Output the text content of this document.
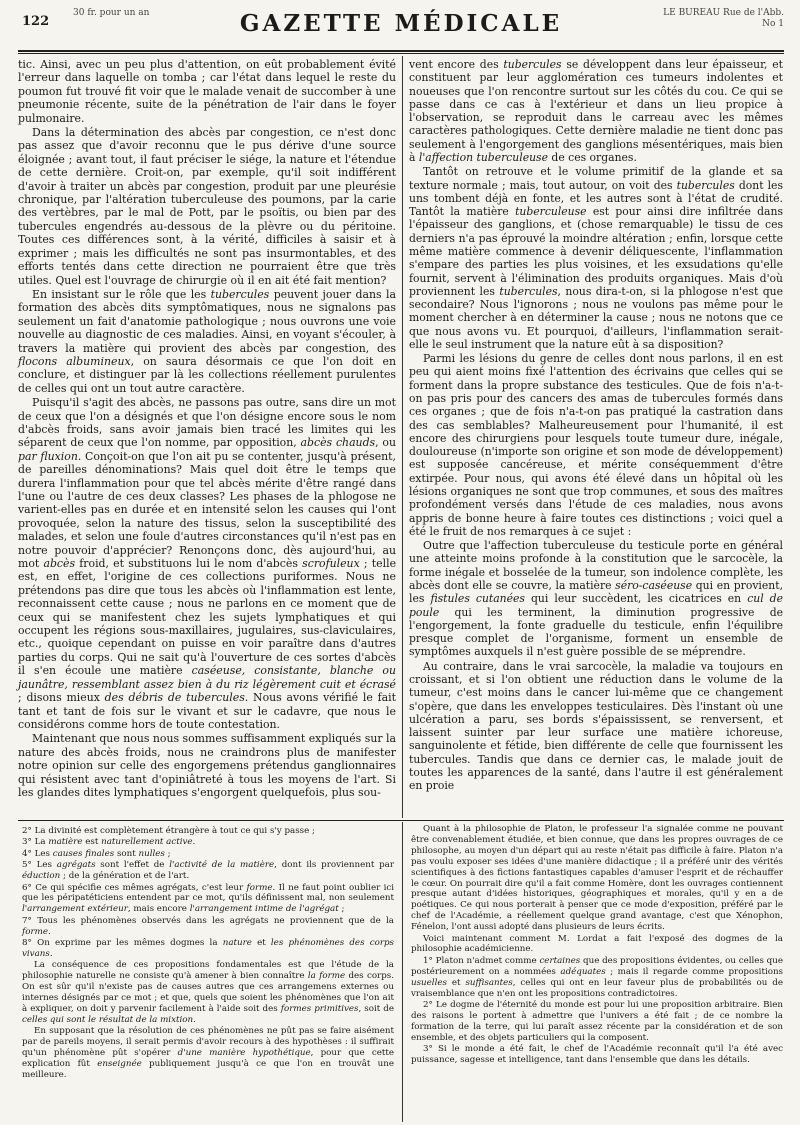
122
30 fr. pour un an	GAZETTE MÉDICALE	LE BUREAU Rue de l'Abb. No 1

tic. Ainsi, avec un peu plus d'attention, on eût probablement évité l'erreur dans laquelle on tomba ; car l'état dans lequel le reste du poumon fut trouvé fit voir que le malade venait de succomber à une pneumonie récente, suite de la pénétration de l'air dans le foyer pulmonaire.

Dans la détermination des abcès par congestion, ce n'est donc pas assez que d'avoir reconnu que le pus dérive d'une source éloignée ; avant tout, il faut préciser le siége, la nature et l'étendue de cette dernière. Croit-on, par exemple, qu'il soit indifférent d'avoir à traiter un abcès par congestion, produit par une pleurésie chronique, par l'altération tuberculeuse des poumons, par la carie des vertèbres, par le mal de Pott, par le psoïtis, ou bien par des tubercules engendrés au-dessous de la plèvre ou du péritoine. Toutes ces différences sont, à la vérité, difficiles à saisir et à exprimer ; mais les difficultés ne sont pas insurmontables, et des efforts tentés dans cette direction ne pourraient être que très utiles. Quel est l'ouvrage de chirurgie où il en ait été fait mention?

En insistant sur le rôle que les tubercules peuvent jouer dans la formation des abcès dits symptômatiques, nous ne signalons pas seulement un fait d'anatomie pathologique ; nous ouvrons une voie nouvelle au diagnostic de ces maladies. Ainsi, en voyant s'écouler, à travers la matière qui provient des abcès par congestion, des flocons albumineux, on saura désormais ce que l'on doit en conclure, et distinguer par là les collections réellement purulentes de celles qui ont un tout autre caractère.

Puisqu'il s'agit des abcès, ne passons pas outre, sans dire un mot de ceux que l'on a désignés et que l'on désigne encore sous le nom d'abcès froids, sans avoir jamais bien tracé les limites qui les séparent de ceux que l'on nomme, par opposition, abcès chauds, ou par fluxion. Conçoit-on que l'on ait pu se contenter, jusqu'à présent, de pareilles dénominations? Mais quel doit être le temps que durera l'inflammation pour que tel abcès mérite d'être rangé dans l'une ou l'autre de ces deux classes? Les phases de la phlogose ne varient-elles pas en durée et en intensité selon les causes qui l'ont provoquée, selon la nature des tissus, selon la susceptibilité des malades, et selon une foule d'autres circonstances qu'il n'est pas en notre pouvoir d'apprécier? Renonçons donc, dès aujourd'hui, au mot abcès froid, et substituons lui le nom d'abcès scrofuleux ; telle est, en effet, l'origine de ces collections puriformes. Nous ne prétendons pas dire que tous les abcès où l'inflammation est lente, reconnaissent cette cause ; nous ne parlons en ce moment que de ceux qui se manifestent chez les sujets lymphatiques et qui occupent les régions sous-maxillaires, jugulaires, sus-claviculaires, etc., quoique cependant on puisse en voir paraître dans d'autres parties du corps. Qui ne sait qu'à l'ouverture de ces sortes d'abcès il s'en écoule une matière caséeuse, consistante, blanche ou jaunâtre, ressemblant assez bien à du riz légèrement cuit et écrasé ; disons mieux des débris de tubercules. Nous avons vérifié le fait tant et tant de fois sur le vivant et sur le cadavre, que nous le considérons comme hors de toute contestation.

Maintenant que nous nous sommes suffisamment expliqués sur la nature des abcès froids, nous ne craindrons plus de manifester notre opinion sur celle des engorgemens prétendus ganglionnaires qui résistent avec tant d'opiniâtreté à tous les moyens de l'art. Si les glandes dites lymphatiques s'engorgent quelquefois, plus sou-

vent encore des tubercules se développent dans leur épaisseur, et constituent par leur agglomération ces tumeurs indolentes et noueuses que l'on rencontre surtout sur les côtés du cou. Ce qui se passe dans ce cas à l'extérieur et dans un lieu propice à l'observation, se reproduit dans le carreau avec les mêmes caractères pathologiques. Cette dernière maladie ne tient donc pas seulement à l'engorgement des ganglions mésentériques, mais bien à l'affection tuberculeuse de ces organes.

Tantôt on retrouve et le volume primitif de la glande et sa texture normale ; mais, tout autour, on voit des tubercules dont les uns tombent déjà en fonte, et les autres sont à l'état de crudité. Tantôt la matière tuberculeuse est pour ainsi dire infiltrée dans l'épaisseur des ganglions, et (chose remarquable) le tissu de ces derniers n'a pas éprouvé la moindre altération ; enfin, lorsque cette même matière commence à devenir déliquescente, l'inflammation s'empare des parties les plus voisines, et les exsudations qu'elle fournit, servent à l'élimination des produits organiques. Mais d'où proviennent les tubercules, nous dira-t-on, si la phlogose n'est que secondaire? Nous l'ignorons ; nous ne voulons pas même pour le moment chercher à en déterminer la cause ; nous ne notons que ce que nous avons vu. Et pourquoi, d'ailleurs, l'inflammation serait-elle le seul instrument que la nature eût à sa disposition?

Parmi les lésions du genre de celles dont nous parlons, il en est peu qui aient moins fixé l'attention des écrivains que celles qui se forment dans la propre substance des testicules. Que de fois n'a-t-on pas pris pour des cancers des amas de tubercules formés dans ces organes ; que de fois n'a-t-on pas pratiqué la castration dans des cas semblables? Malheureusement pour l'humanité, il est encore des chirurgiens pour lesquels toute tumeur dure, inégale, douloureuse (n'importe son origine et son mode de développement) est supposée cancéreuse, et mérite conséquemment d'être extirpée. Pour nous, qui avons été élevé dans un hôpital où les lésions organiques ne sont que trop communes, et sous des maîtres profondément versés dans l'étude de ces maladies, nous avons appris de bonne heure à faire toutes ces distinctions ; voici quel a été le fruit de nos remarques à ce sujet :

Outre que l'affection tuberculeuse du testicule porte en général une atteinte moins profonde à la constitution que le sarcocèle, la forme inégale et bosselée de la tumeur, son indolence complète, les abcès dont elle se couvre, la matière séro-caséeuse qui en provient, les fistules cutanées qui leur succèdent, les cicatrices en cul de poule qui les terminent, la diminution progressive de l'engorgement, la fonte graduelle du testicule, enfin l'équilibre presque complet de l'organisme, forment un ensemble de symptômes auxquels il n'est guère possible de se méprendre.

Au contraire, dans le vrai sarcocèle, la maladie va toujours en croissant, et si l'on obtient une réduction dans le volume de la tumeur, c'est moins dans le cancer lui-même que ce changement s'opère, que dans les enveloppes testiculaires. Dès l'instant où une ulcération a paru, ses bords s'épaississent, se renversent, et laissent suinter par leur surface une matière ichoreuse, sanguinolente et fétide, bien différente de celle que fournissent les tubercules. Tandis que dans ce dernier cas, le malade jouit de toutes les apparences de la santé, dans l'autre il est généralement en proie

2° La divinité est complètement étrangère à tout ce qui s'y passe ;

3° La matière est naturellement active.

4° Les causes finales sont nulles ;

5° Les agrégats sont l'effet de l'activité de la matière, dont ils proviennent par éduction ; de la génération et de l'art.

6° Ce qui spécifie ces mêmes agrégats, c'est leur forme. Il ne faut point oublier ici que les péripatéticiens entendent par ce mot, qu'ils définissent mal, non seulement l'arrangement extérieur, mais encore l'arrangement intime de l'agrégat ;

7° Tous les phénomènes observés dans les agrégats ne proviennent que de la forme.

8° On exprime par les mêmes dogmes la nature et les phénomènes des corps vivans.

La conséquence de ces propositions fondamentales est que l'étude de la philosophie naturelle ne consiste qu'à amener à bien connaître la forme des corps. On est sûr qu'il n'existe pas de causes autres que ces arrangemens externes ou internes désignés par ce mot ; et que, quels que soient les phénomènes que l'on ait à expliquer, on doit y parvenir facilement à l'aide soit des formes primitives, soit de celles qui sont le résultat de la mixtion.

En supposant que la résolution de ces phénomènes ne pût pas se faire aisément par de pareils moyens, il serait permis d'avoir recours à des hypothèses : il suffirait qu'un phénomène pût s'opérer d'une manière hypothétique, pour que cette explication fût enseignée publiquement jusqu'à ce que l'on en trouvât une meilleure.

Quant à la philosophie de Platon, le professeur l'a signalée comme ne pouvant être convenablement étudiée, et bien connue, que dans les propres ouvrages de ce philosophe, au moyen d'un départ qui au reste n'était pas difficile à faire. Platon n'a pas voulu exposer ses idées d'une manière didactique ; il a préféré unir des vérités scientifiques à des fictions fantastiques capables d'amuser l'esprit et de réchauffer le cœur. On pourrait dire qu'il a fait comme Homère, dont les ouvrages contiennent presque autant d'idées historiques, géographiques et morales, qu'il y en a de poétiques. Ce qui nous porterait à penser que ce mode d'exposition, préféré par le chef de l'Académie, a réellement quelque grand avantage, c'est que Xénophon, Fénelon, l'ont aussi adopté dans plusieurs de leurs écrits.

Voici maintenant comment M. Lordat a fait l'exposé des dogmes de la philosophie académicienne.

1° Platon n'admet comme certaines que des propositions évidentes, ou celles que postérieurement on a nommées adéquates ; mais il regarde comme propositions usuelles et suffisantes, celles qui ont en leur faveur plus de probabilités ou de vraisemblance que n'en ont les propositions contradictoires.

2° Le dogme de l'éternité du monde est pour lui une proposition arbitraire. Bien des raisons le portent à admettre que l'univers a été fait ; de ce nombre la formation de la terre, qui lui paraît assez récente par la considération et de son ensemble, et des objets particuliers qui la composent.

3° Si le monde a été fait, le chef de l'Académie reconnaît qu'il l'a été avec puissance, sagesse et intelligence, tant dans l'ensemble que dans les détails.
